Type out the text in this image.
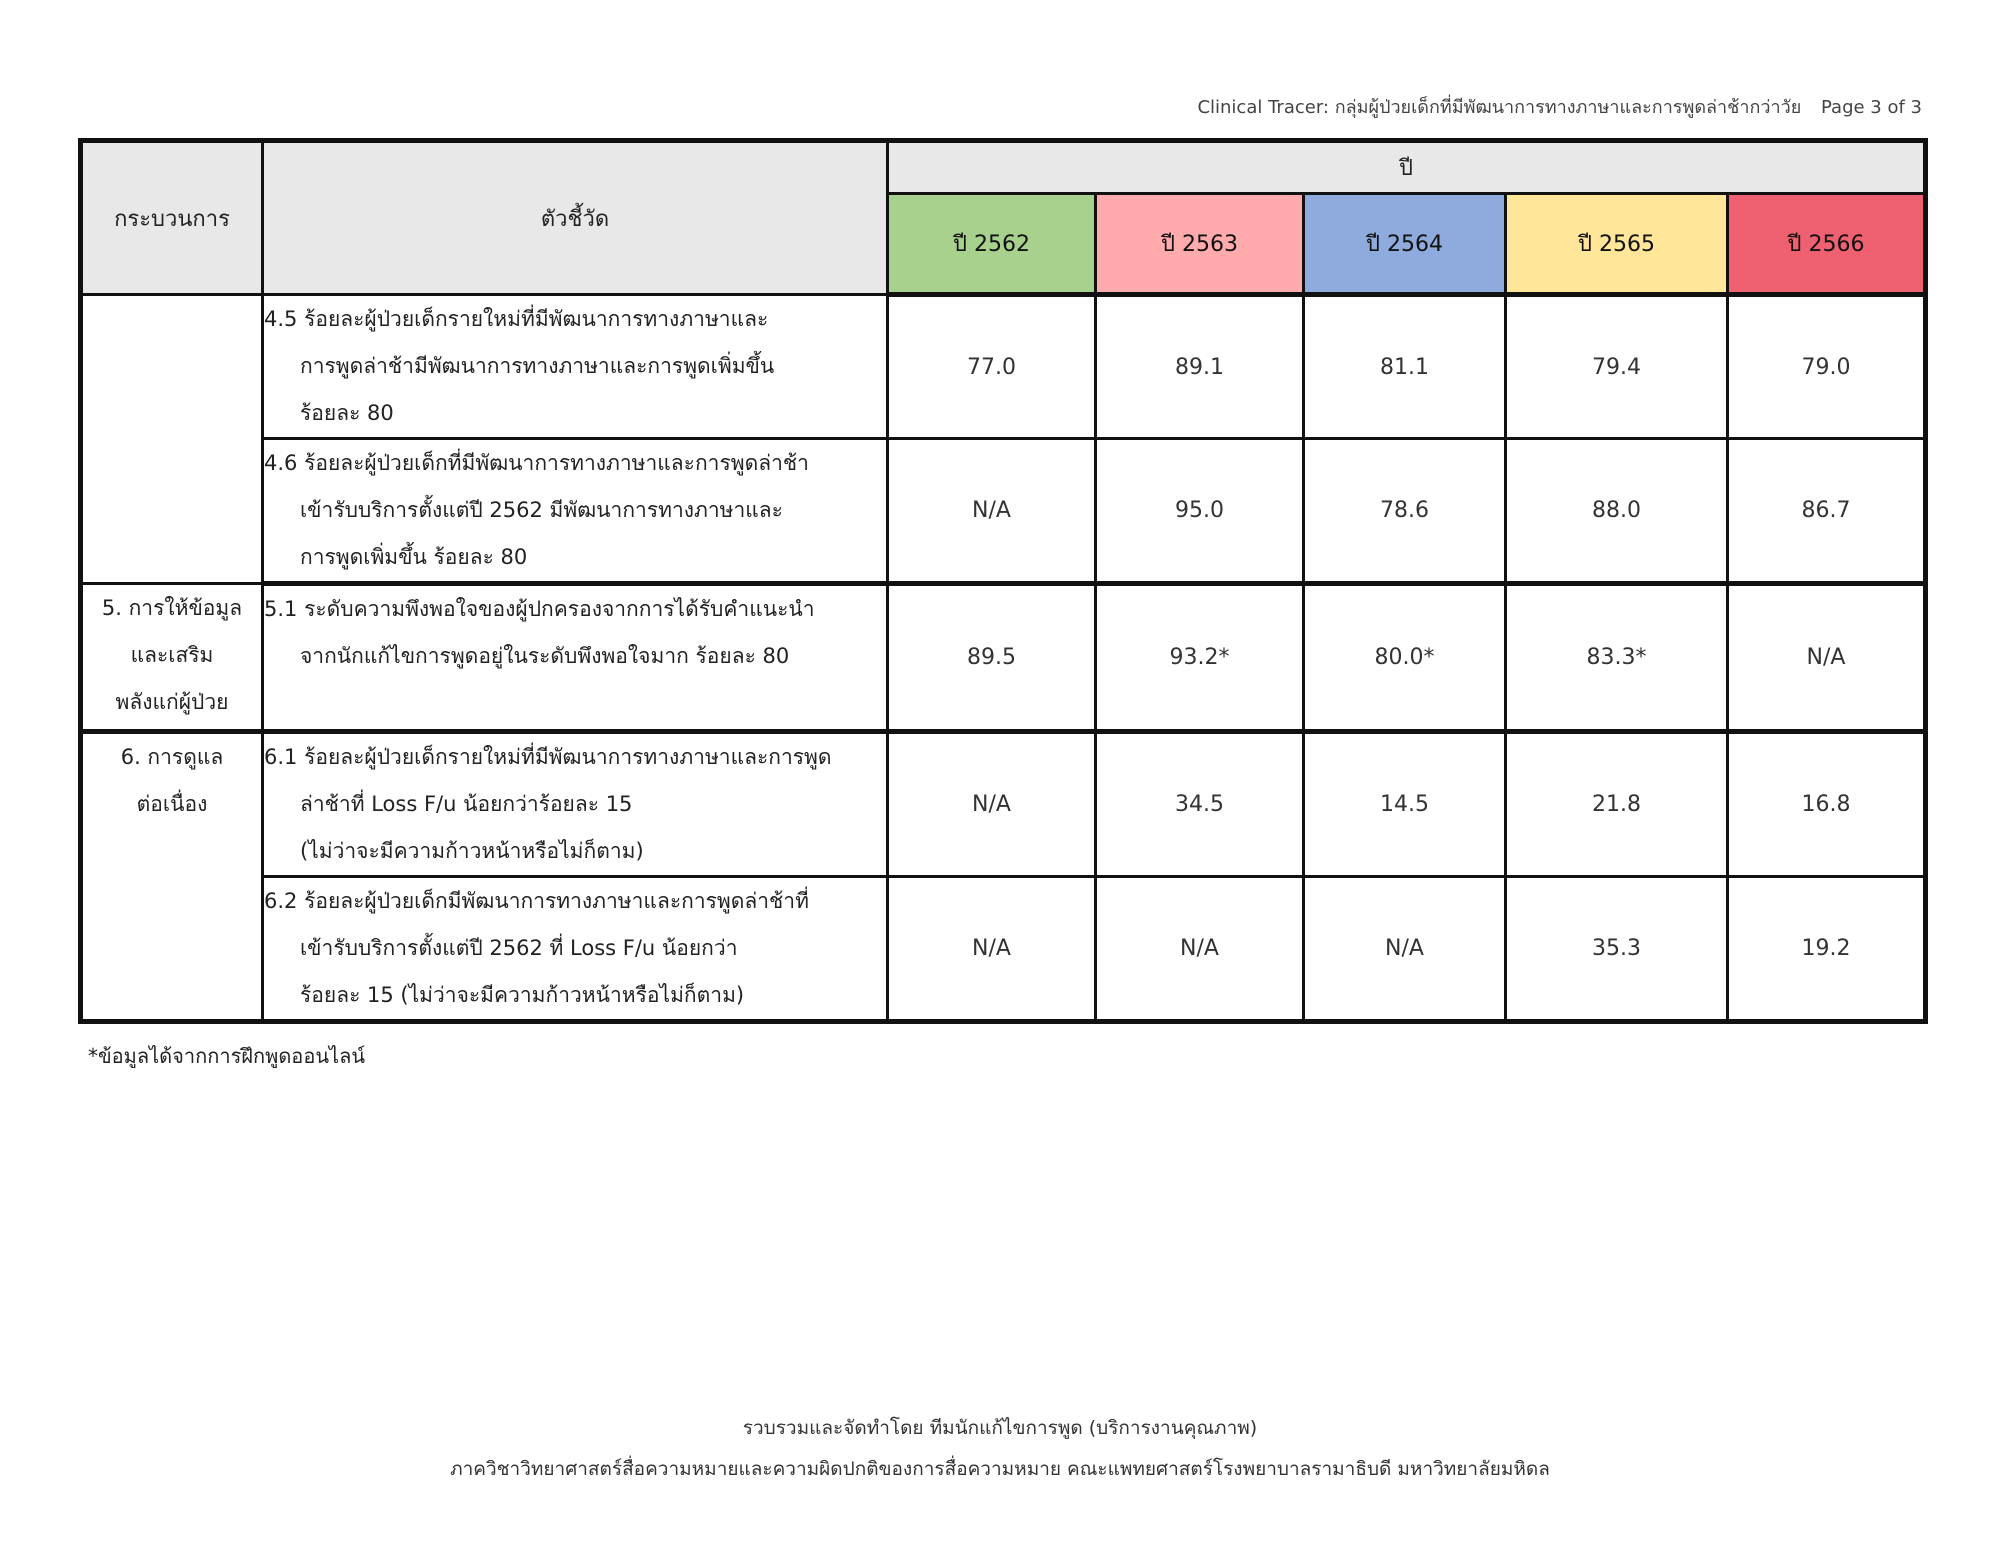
Clinical Tracer: กลุ่มผู้ป่วยเด็กที่มีพัฒนาการทางภาษาและการพูดล่าช้ากว่าวัย Page 3 of 3
กระบวนการ	ตัวชี้วัด	ปี				
		ปี 2562	ปี 2563	ปี 2564	ปี 2565	ปี 2566

	4.5 ร้อยละผู้ป่วยเด็กรายใหม่ที่มีพัฒนาการทางภาษาและ
การพูดล่าช้ามีพัฒนาการทางภาษาและการพูดเพิ่มขึ้น
ร้อยละ 80	77.0	89.1	81.1	79.4	79.0

	4.6 ร้อยละผู้ป่วยเด็กที่มีพัฒนาการทางภาษาและการพูดล่าช้า
เข้ารับบริการตั้งแต่ปี 2562 มีพัฒนาการทางภาษาและ
การพูดเพิ่มขึ้น ร้อยละ 80	N/A	95.0	78.6	88.0	86.7

5. การให้ข้อมูล
และเสริม
พลังแก่ผู้ป่วย	5.1 ระดับความพึงพอใจของผู้ปกครองจากการได้รับคำแนะนำ
จากนักแก้ไขการพูดอยู่ในระดับพึงพอใจมาก ร้อยละ 80	89.5	93.2*	80.0*	83.3*	N/A

6. การดูแล
ต่อเนื่อง	6.1 ร้อยละผู้ป่วยเด็กรายใหม่ที่มีพัฒนาการทางภาษาและการพูด
ล่าช้าที่ Loss F/u น้อยกว่าร้อยละ 15
(ไม่ว่าจะมีความก้าวหน้าหรือไม่ก็ตาม)	N/A	34.5	14.5	21.8	16.8

	6.2 ร้อยละผู้ป่วยเด็กมีพัฒนาการทางภาษาและการพูดล่าช้าที่
เข้ารับบริการตั้งแต่ปี 2562 ที่ Loss F/u น้อยกว่า
ร้อยละ 15 (ไม่ว่าจะมีความก้าวหน้าหรือไม่ก็ตาม)	N/A	N/A	N/A	35.3	19.2
*ข้อมูลได้จากการฝึกพูดออนไลน์
รวบรวมและจัดทำโดย ทีมนักแก้ไขการพูด (บริการงานคุณภาพ)
ภาควิชาวิทยาศาสตร์สื่อความหมายและความผิดปกติของการสื่อความหมาย คณะแพทยศาสตร์โรงพยาบาลรามาธิบดี มหาวิทยาลัยมหิดล
